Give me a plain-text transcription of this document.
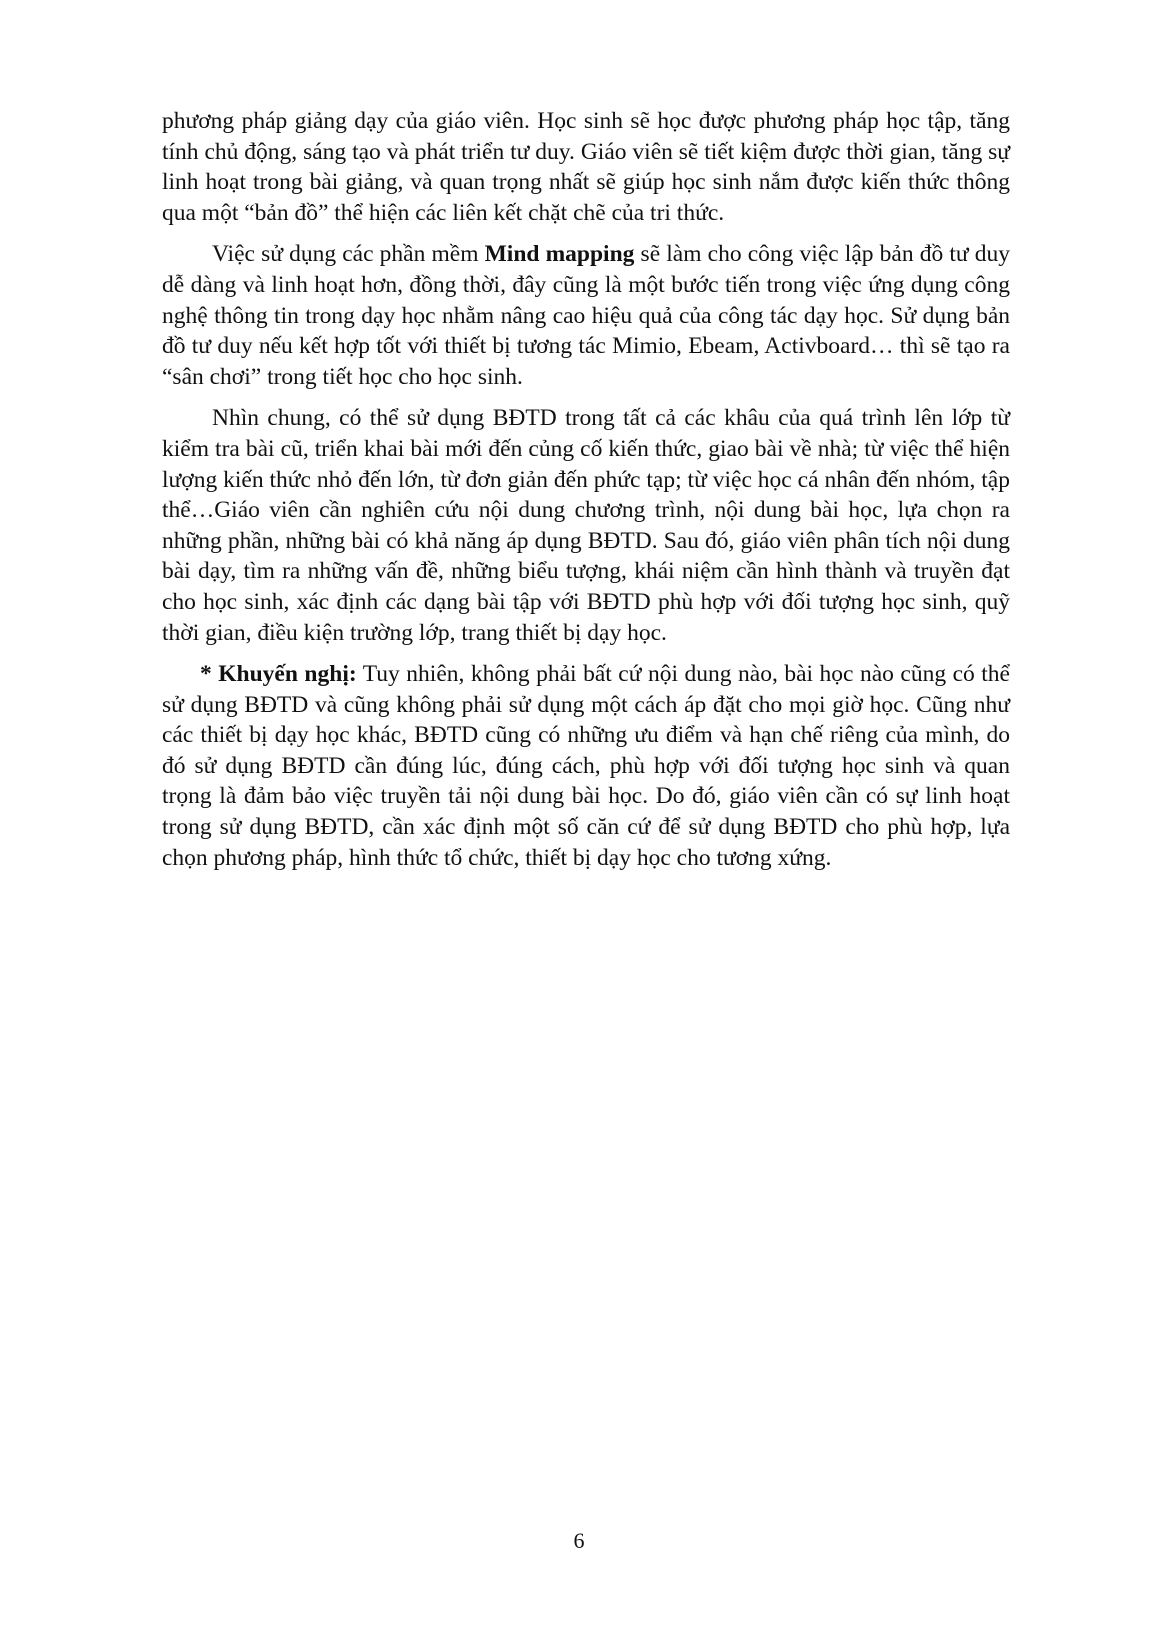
phương pháp giảng dạy của giáo viên. Học sinh sẽ học được phương pháp học tập, tăng tính chủ động, sáng tạo và phát triển tư duy. Giáo viên sẽ tiết kiệm được thời gian, tăng sự linh hoạt trong bài giảng, và quan trọng nhất sẽ giúp học sinh nắm được kiến thức thông qua một “bản đồ” thể hiện các liên kết chặt chẽ của tri thức.

Việc sử dụng các phần mềm Mind mapping sẽ làm cho công việc lập bản đồ tư duy dễ dàng và linh hoạt hơn, đồng thời, đây cũng là một bước tiến trong việc ứng dụng công nghệ thông tin trong dạy học nhằm nâng cao hiệu quả của công tác dạy học. Sử dụng bản đồ tư duy nếu kết hợp tốt với thiết bị tương tác Mimio, Ebeam, Activboard… thì sẽ tạo ra “sân chơi” trong tiết học cho học sinh.

Nhìn chung, có thể sử dụng BĐTD trong tất cả các khâu của quá trình lên lớp từ kiểm tra bài cũ, triển khai bài mới đến củng cố kiến thức, giao bài về nhà; từ việc thể hiện lượng kiến thức nhỏ đến lớn, từ đơn giản đến phức tạp; từ việc học cá nhân đến nhóm, tập thể…Giáo viên cần nghiên cứu nội dung chương trình, nội dung bài học, lựa chọn ra những phần, những bài có khả năng áp dụng BĐTD. Sau đó, giáo viên phân tích nội dung bài dạy, tìm ra những vấn đề, những biểu tượng, khái niệm cần hình thành và truyền đạt cho học sinh, xác định các dạng bài tập với BĐTD phù hợp với đối tượng học sinh, quỹ thời gian, điều kiện trường lớp, trang thiết bị dạy học.

* Khuyến nghị: Tuy nhiên, không phải bất cứ nội dung nào, bài học nào cũng có thể sử dụng BĐTD và cũng không phải sử dụng một cách áp đặt cho mọi giờ học. Cũng như các thiết bị dạy học khác, BĐTD cũng có những ưu điểm và hạn chế riêng của mình, do đó sử dụng BĐTD cần đúng lúc, đúng cách, phù hợp với đối tượng học sinh và quan trọng là đảm bảo việc truyền tải nội dung bài học. Do đó, giáo viên cần có sự linh hoạt trong sử dụng BĐTD, cần xác định một số căn cứ để sử dụng BĐTD cho phù hợp, lựa chọn phương pháp, hình thức tổ chức, thiết bị dạy học cho tương xứng.

6
